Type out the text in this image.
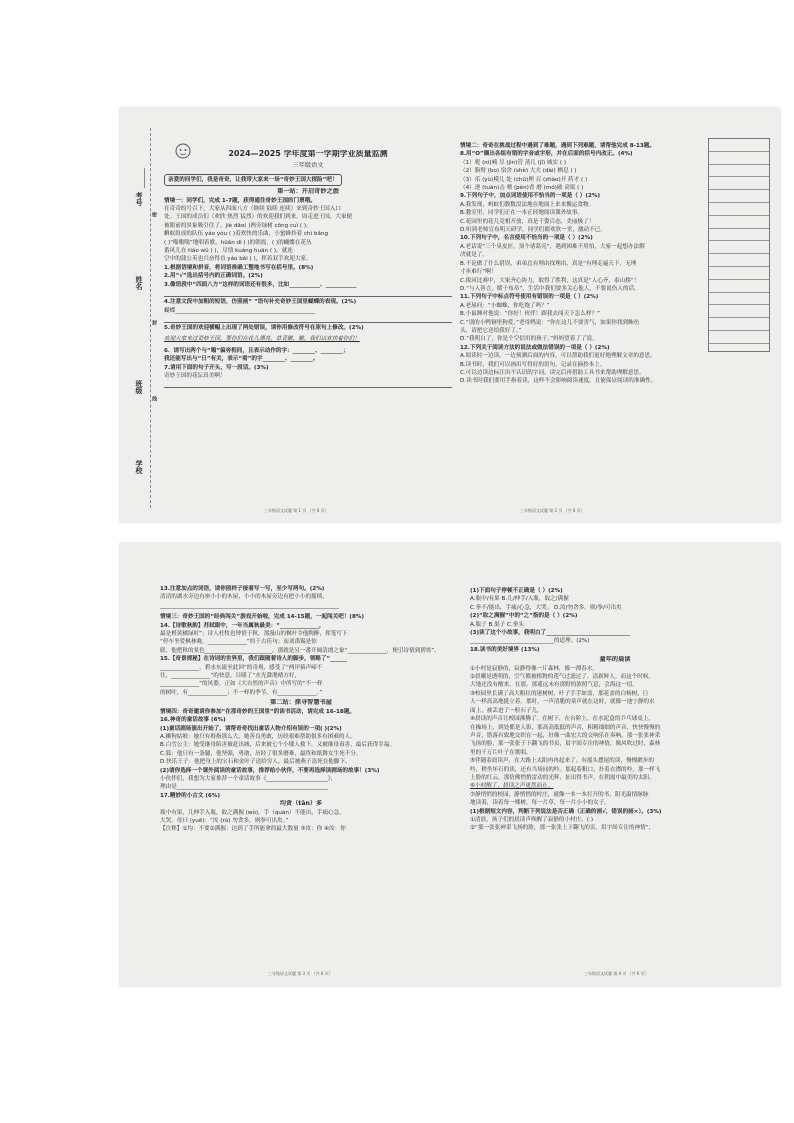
考号
姓名
班级
学校
密
封
线

2024—2025 学年度第一学期学业质量监测

三年级语文

亲爱的同学们，我是奇奇，让我带大家来一场“奇妙王国大探险”吧！

第一站：开启奇妙之旅

情境一：同学们，完成 1-7题，获得通往奇妙王国的门票哦。

在奇奇的号召下，大家从四面八方（继续 陆续 连续）来到奇妙王国入口

处。王国的成员们（欢欣 热烈 猛烈）的欢迎我们到来。周走进王国，大家便

被眼前的景象吸引住了。jiè dāo( )两旁绿树 cōng cuì ( )，

蝌蚁组成的队伍 yáo yòu ( )着欢快的乐曲，小蜜蜂拎着 chì bǎng

( )“嗡嗡嗡”地唱着歌，hūān dì ( )的朝霞，( )的蝴蝶在花丛

番风儿在 tiáo wǔ ( )，尽情 kuáng huān ( )，就连

空中的蒲公英也兴奋得直 yáo bǎi ( )，挥着双手欢迎大家。

1.根据语境和拼音，将词语准确工整地书写在括号里。(8%)

2.用“√”选出括号内的正确词语。(2%)

3.像语段中“四面八方”这样的词语还有很多，比如___________、___________

4.注意文段中加粗的短语，仿照画“ ”语句补充奇妙王国里蝴蝶的表现。(2%)

蝴蝶__________________________________________________

5.奇妙王国的欢迎横幅上出现了两处错误，请你用修改符号在原句上修改。(2%)

欢迎大家来过奇妙王国，要你们在花儿漂亮，草青嫩，嫩，我们以欢快着你们！

6．请写出两个与“嗡”偏旁相同，且表示动作的字：________、________；

我还能写出与“日”有关，表示“看”的字________、________。

7.请用下面的句子开头，写一段话。(3%)

奇妙王国的花坛真美啊！

三年级语文试题 第 1 页 （共 6 页）

情境二：奇奇在挑战过程中遇到了难题，遇到下列难题，请帮他完成 8-13题。

8.用“O”圈出各组有错的字音或字形，并在后面的括号内改正。(4%)

（1）呢 (ní)喃 尽 (jìn)管 蒸几 (jǐ) 城实 ( )

（2）脂臂 (bo) 宿舍 (shè) 大夫 (dài) 栖息 ( )

（3）乐 (yù)模儿 处 (chǔ)理 召 (zhào)开 药才 ( )

（4）逐 (tuān)击 喷 (pèn)香 磨 (mó)破 高梁 ( )

9.下列句子中，加点词语使用不恰当的一项是（ ）(2%)

A.我发现，蚂蚁们数数没法地在地面上来来搬运食物。

B.教室里，同学们正在一本正经地阅读课外故事。

C.花园里的花儿竞相开放，真是千姿百态，美丽极了！

D.听到老师宣布明天研学，同学们都欢欣一堂，激动不已。

10.下列句子中，名言使用不恰当的一项是（ ）(2%)

A.老话说“三个臭皮匠，顶个诸葛亮”，遇到困难不用怕，大家一起想办法解

决就是了。

B.不论做了什么错误，弟弟总有理由找理由，真是“有理走遍天下，无理

寸步难行”啊！

C.拔河比赛中，大家齐心协力，取得了胜利，这真是“人心齐，泰山移”！

D.“与人善言，暖于布帛”，生活中我们要多关心他人，不要说伤人的话。

11.下列句子中标点符号使用有错误的一项是（ ）(2%)

A.老屋问：“小蜘蛛，你吃饱了吗？”

B.小鼠睡对他说：“你好！伙伴！跟我去闯天下怎么样？”

C.“别的小鸭铜里狗爱，”老母鸭说：“你在这儿不要害气，如果你找到鲔鱼

头，请把它送给我好了。”

D.“我明白了，你是个空信用的孩子。”妈妈望着了了说。

12.下列关于阅读方法的说法或做法错误的一项是（ ）(2%)

A.阅读时一边读，一边预测后面的内容，可以帮助我们更好地理解文章的意思。

B.读书时，我们可以画出写得好的语句，记录在摘抄本上。

C.可以边读边标注出不认识的字词，读完后再借助工具书来帮助理解意思。

D.读书时我们要用手指着读，这样不会影响阅读速度，且能保证阅读的准确性。

三年级语文试题 第 2 页 （共 6 页）

13.注意加点的词语，请你照样子接着写一写，至少写两句。(2%)

清清的湖水旁边有座小小的木屋，小小的木屋旁边有把小小的摇椅，

________________________________________________________________

情境三：奇妙王国的“经典闯关”游戏开始啦，完成 14-15题，一起闯关吧！(8%)

14.【诗歌秋韵】苏轼眼中，一年当属秋最美：“______________，

最是橙黄橘绿时”；诗人杜牧也钟情于秋，那漫山的枫叶令他陶醉，挥笔写下

“停车坐爱枫林晚，______________”的千古佳句；而刘禹锡是惊

联，他把秋的景色________________________，那就是另一番开阔清朗之象“______________，便引诗情到碧霄”。

15.【奇景探秘】在诗词的世界里，我们跟随着诗人的脚步，领略了“______

______________，碧水东流至此回”的奇观，感受了“两岸猿声啼不

住，______________”的快意，目睹了“水光潋滟晴方好，

______________”的风姿。正如《大自然的声音》中所写的“不一样

的树叶，有______________；不一样的季节，有______________。”

第二站：探寻智慧书屋

情境四：奇奇邀请你参加“在那奇妙的王国里”的读书活动，请完成 16-18题。

16.神奇的童话故事 (6%)

(1)童话剧场演出开始了，请帮奇奇找出童话人物介绍有误的一项( )(2%)

A.狮狗姑娘：她只有拇指那么大，她善良勇敢，历经艰难帮助很多有困难的人。

B.白雪公主：她受继母陷害被赶出城，后来被七个小矮人救下，又被继母毒害，最后获得幸福。

C.狐：他只有一条腿，他坚强，勇敢，历经了很多磨难，最终和纸舞女生死不分。

D.快乐王子：他把身上的宝石和金叶子送给穷人，最后被燕子冻死在他脚下。

(2)请你选择一个课外阅读的童话故事，推荐给小伙伴，不要再选择读剧场的故事！(3%)

小伙伴们，我想为大家推荐一个童话故事《______________________》，

理由是______________________________________________________

17.精妙的小古文 (6%)

均贪（tān）多

瓶中有果，儿伸手入瓶，取之满握 (wò)，手（quán）不能出，手痛心急，

大哭。母曰 (yuē)：“汝 (rǔ) 勿贪多，则拳可出矣。”

【注释】①均：不要②满握：达到了手所能拿的最大数量 ③汝：你 ④汝：你

三年级语文试题 第 3 页 （共 6 页）

(1)下面句子停顿不正确是（ ）(2%)

A.瓶中/有果 B.儿/伸手/入瓶，取之/满握

C.拳不/能出，手痛/心急，大哭。 D.汝/勿贪多，则/拳/可出矣

(2)“取之满握”中的“之”指的是（ ）(2%)

A.瓶子 B.果子 C.拳头

(3)读了这个小故事，我明白了______________________________

______________________________的道理。(2%)

18.读书的美好境界 (13%)

童年的晨读

①小村是寂静的，寂静得像一片森林，像一潭春水。

②晨曦是透明的，空气都被植物的莲气过滤过了，清新鲜人。而这个时候，

大地还没有醒来，在那，那遥远未有那野的浓照气息，会海这一切。

③校园里长满了高大粗壮的迷树树，叶子手手如盖，那花盖的白杨树，巨

人一样高高地挺立着。那时，一声清脆的童声就在这时，就像一池宁静的水

面上，被丢进了一粒石子儿。

④晨读的声音让校园沸腾了。在树下，在台阶上，在水泥盒的乒乓球桌上，

在操场上，到处都是人影，那高高低低的声音，粗粗细细的声音，快快慢慢的

声音，错落有致地交织在一起，好像一曲宏大的交响乐在奏响。那一张张神采

飞扬的脸，那一张张于下翻飞的书页，眉宇间专注的神情，像风吹过时，森林

里的千万片叶子在歌唱。

⑤伴随着晨读声，在大路上太阳冉冉起来了。有摇头摆尾的读，慢慢踱步的

吟，稍坐坏石的读，还有当场同的吟。那起着粗口，扑着衣襟的吟，那一样飞

上脸的红云，那仿佛悄悄雷动的光辉，扯出得书声，在朝霞中最美的太阳。

⑥小村醒了，晨读之声更然而止。

⑦静悄悄的校园，静悄悄的村庄，就像一本一本打开的书，阳光温情脉脉

地读着，读着每一棵树，每一片草，每一片小小的女子。

(1)根据短文内容，判断下列说法是否正确（正确的画√，错误的画×）。(3%)

①清晨，孩子们的晨读声唤醒了寂静的小村庄。( )

②“那一张张神采飞扬的脸，那一张张上下翻飞的页，眉宇间专注的神情”，

三年级语文试题 第 4 页 （共 6 页）
